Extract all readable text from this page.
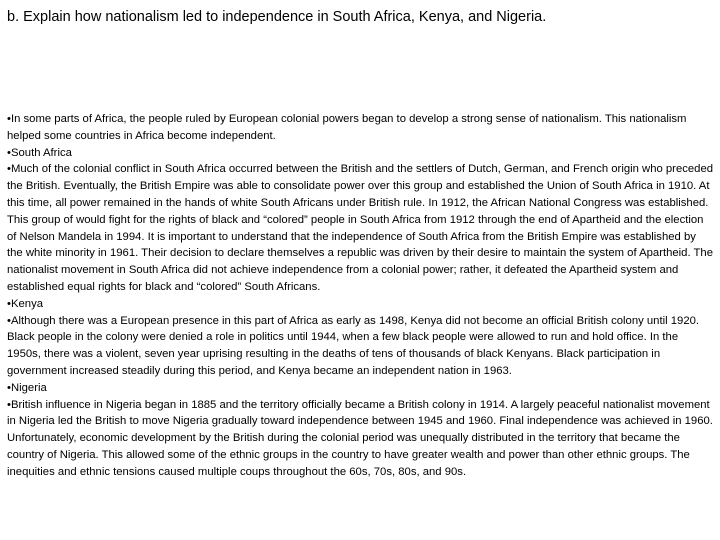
b. Explain how nationalism led to independence in South Africa, Kenya, and Nigeria.

•In some parts of Africa, the people ruled by European colonial powers began to develop a strong sense of nationalism. This nationalism helped some countries in Africa become independent.

•South Africa

•Much of the colonial conflict in South Africa occurred between the British and the settlers of Dutch, German, and French origin who preceded the British. Eventually, the British Empire was able to consolidate power over this group and established the Union of South Africa in 1910. At this time, all power remained in the hands of white South Africans under British rule. In 1912, the African National Congress was established. This group of would fight for the rights of black and “colored” people in South Africa from 1912 through the end of Apartheid and the election of Nelson Mandela in 1994. It is important to understand that the independence of South Africa from the British Empire was established by the white minority in 1961. Their decision to declare themselves a republic was driven by their desire to maintain the system of Apartheid. The nationalist movement in South Africa did not achieve independence from a colonial power; rather, it defeated the Apartheid system and established equal rights for black and “colored” South Africans.

•Kenya

•Although there was a European presence in this part of Africa as early as 1498, Kenya did not become an official British colony until 1920. Black people in the colony were denied a role in politics until 1944, when a few black people were allowed to run and hold office. In the 1950s, there was a violent, seven year uprising resulting in the deaths of tens of thousands of black Kenyans. Black participation in government increased steadily during this period, and Kenya became an independent nation in 1963.

•Nigeria

•British influence in Nigeria began in 1885 and the territory officially became a British colony in 1914. A largely peaceful nationalist movement in Nigeria led the British to move Nigeria gradually toward independence between 1945 and 1960. Final independence was achieved in 1960. Unfortunately, economic development by the British during the colonial period was unequally distributed in the territory that became the country of Nigeria. This allowed some of the ethnic groups in the country to have greater wealth and power than other ethnic groups. The inequities and ethnic tensions caused multiple coups throughout the 60s, 70s, 80s, and 90s.
